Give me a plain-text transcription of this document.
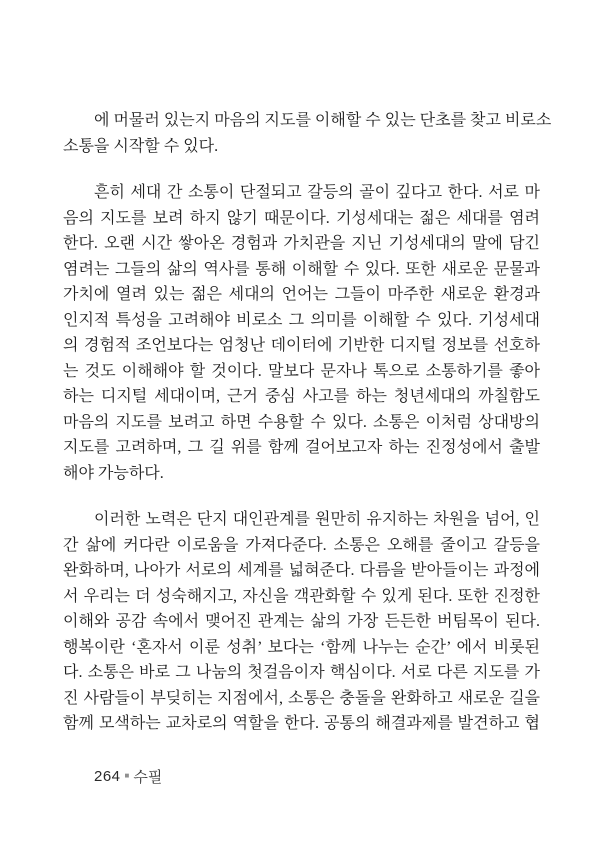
에 머물러 있는지 마음의 지도를 이해할 수 있는 단초를 찾고 비로소
소통을 시작할 수 있다.
흔히 세대 간 소통이 단절되고 갈등의 골이 깊다고 한다. 서로 마
음의 지도를 보려 하지 않기 때문이다. 기성세대는 젊은 세대를 염려
한다. 오랜 시간 쌓아온 경험과 가치관을 지닌 기성세대의 말에 담긴
염려는 그들의 삶의 역사를 통해 이해할 수 있다. 또한 새로운 문물과
가치에 열려 있는 젊은 세대의 언어는 그들이 마주한 새로운 환경과
인지적 특성을 고려해야 비로소 그 의미를 이해할 수 있다. 기성세대
의 경험적 조언보다는 엄청난 데이터에 기반한 디지털 정보를 선호하
는 것도 이해해야 할 것이다. 말보다 문자나 톡으로 소통하기를 좋아
하는 디지털 세대이며, 근거 중심 사고를 하는 청년세대의 까칠함도
마음의 지도를 보려고 하면 수용할 수 있다. 소통은 이처럼 상대방의
지도를 고려하며, 그 길 위를 함께 걸어보고자 하는 진정성에서 출발
해야 가능하다.
이러한 노력은 단지 대인관계를 원만히 유지하는 차원을 넘어, 인
간 삶에 커다란 이로움을 가져다준다. 소통은 오해를 줄이고 갈등을
완화하며, 나아가 서로의 세계를 넓혀준다. 다름을 받아들이는 과정에
서 우리는 더 성숙해지고, 자신을 객관화할 수 있게 된다. 또한 진정한
이해와 공감 속에서 맺어진 관계는 삶의 가장 든든한 버팀목이 된다.
행복이란 ‘혼자서 이룬 성취’ 보다는 ‘함께 나누는 순간’ 에서 비롯된
다. 소통은 바로 그 나눔의 첫걸음이자 핵심이다. 서로 다른 지도를 가
진 사람들이 부딪히는 지점에서, 소통은 충돌을 완화하고 새로운 길을
함께 모색하는 교차로의 역할을 한다. 공통의 해결과제를 발견하고 협
264 ■ 수필
